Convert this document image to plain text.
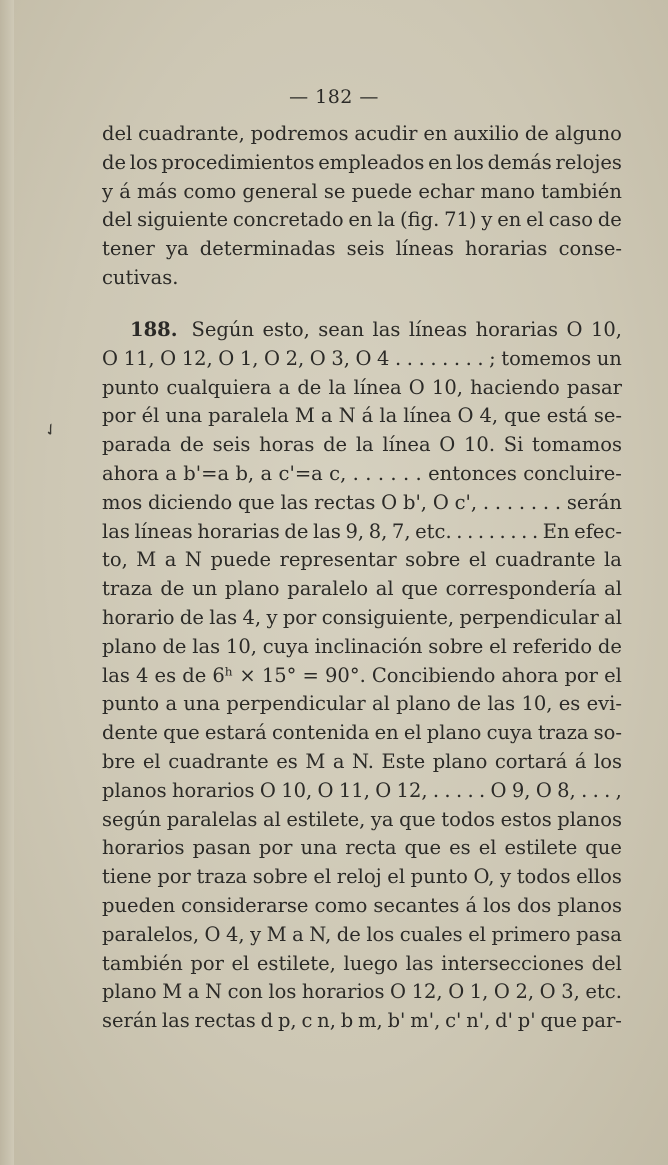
— 182 —
del cuadrante, podremos acudir en auxilio de alguno
de los procedimientos empleados en los demás relojes
y á más como general se puede echar mano también
del siguiente concretado en la (fig. 71) y en el caso de
tener ya determinadas seis líneas horarias conse-
cutivas.
188. Según esto, sean las líneas horarias O 10,
O 11, O 12, O 1, O 2, O 3, O 4 . . . . . . . . ; tomemos un
punto cualquiera a de la línea O 10, haciendo pasar
por él una paralela M a N á la línea O 4, que está se-
parada de seis horas de la línea O 10. Si tomamos
ahora a b'=a b, a c'=a c, . . . . . . entonces concluire-
mos diciendo que las rectas O b', O c', . . . . . . . serán
las líneas horarias de las 9, 8, 7, etc. . . . . . . . . En efec-
to, M a N puede representar sobre el cuadrante la
traza de un plano paralelo al que correspondería al
horario de las 4, y por consiguiente, perpendicular al
plano de las 10, cuya inclinación sobre el referido de
las 4 es de 6ʰ × 15° = 90°. Concibiendo ahora por el
punto a una perpendicular al plano de las 10, es evi-
dente que estará contenida en el plano cuya traza so-
bre el cuadrante es M a N. Este plano cortará á los
planos horarios O 10, O 11, O 12, . . . . . O 9, O 8, . . . ,
según paralelas al estilete, ya que todos estos planos
horarios pasan por una recta que es el estilete que
tiene por traza sobre el reloj el punto O, y todos ellos
pueden considerarse como secantes á los dos planos
paralelos, O 4, y M a N, de los cuales el primero pasa
también por el estilete, luego las intersecciones del
plano M a N con los horarios O 12, O 1, O 2, O 3, etc.
serán las rectas d p, c n, b m, b' m', c' n', d' p' que par-
✓
